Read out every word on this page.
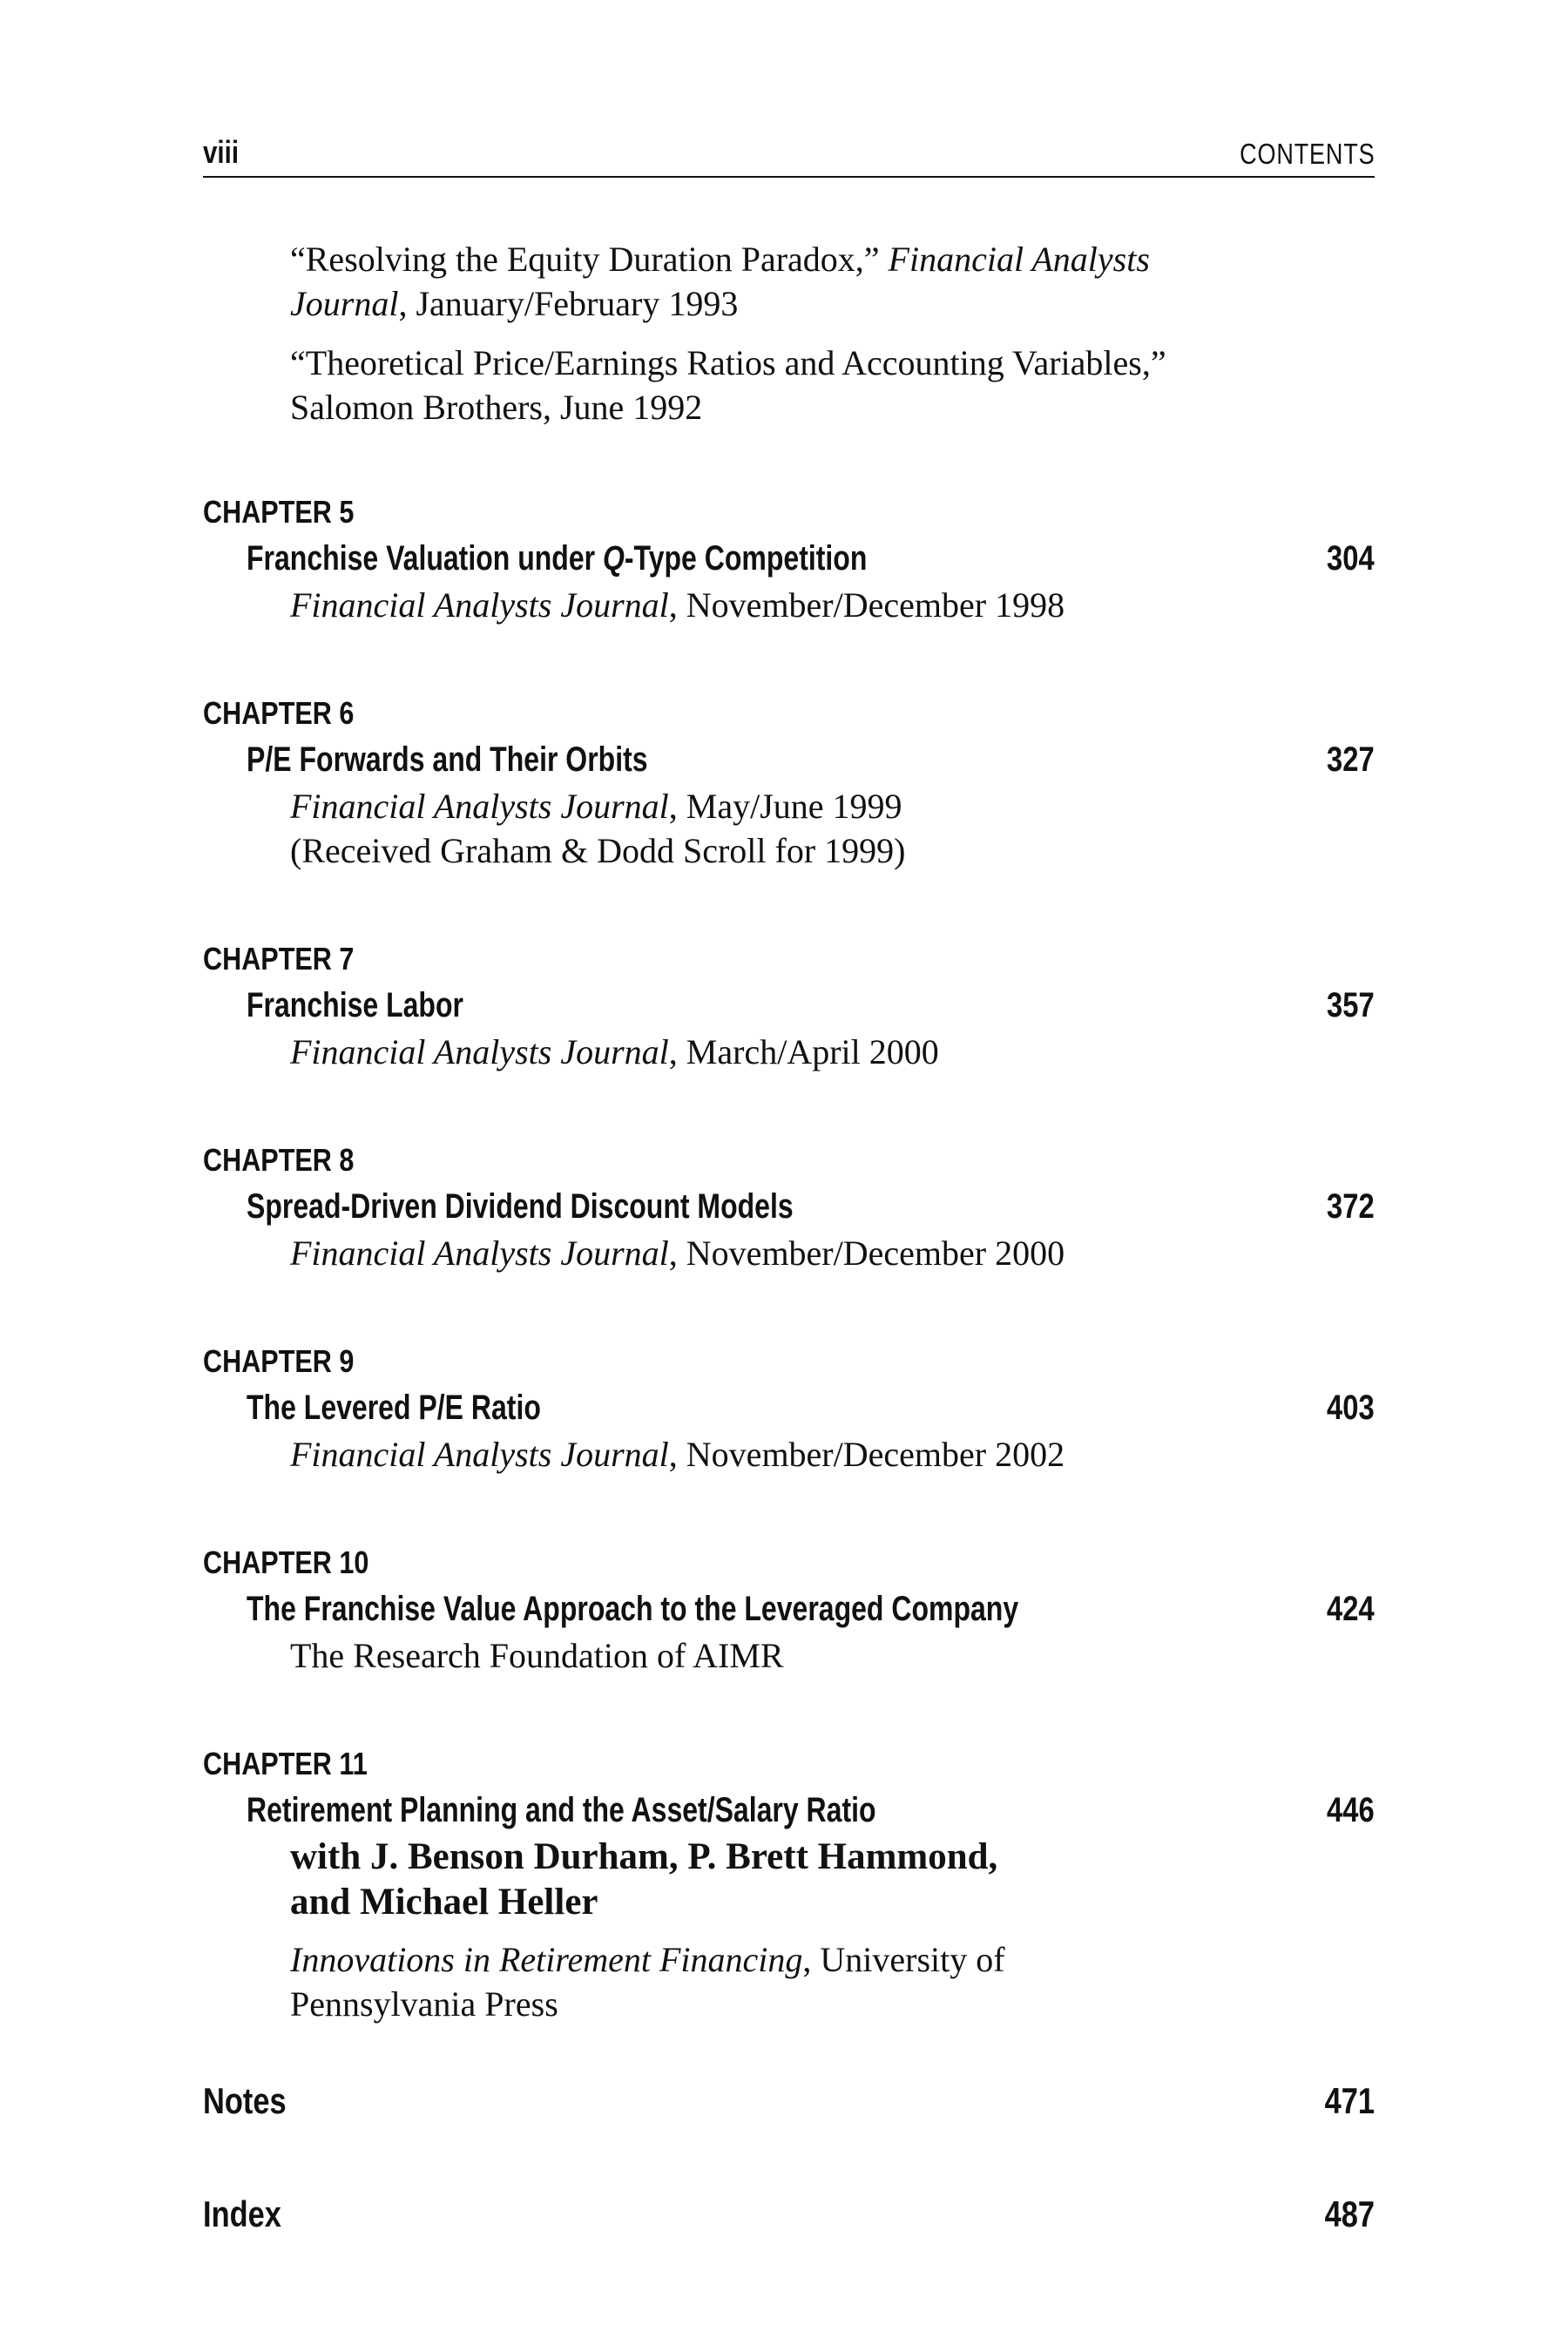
viii	CONTENTS
“Resolving the Equity Duration Paradox,” Financial Analysts Journal, January/February 1993
“Theoretical Price/Earnings Ratios and Accounting Variables,” Salomon Brothers, June 1992
CHAPTER 5
Franchise Valuation under Q-Type Competition	304
Financial Analysts Journal, November/December 1998
CHAPTER 6
P/E Forwards and Their Orbits	327
Financial Analysts Journal, May/June 1999
(Received Graham & Dodd Scroll for 1999)
CHAPTER 7
Franchise Labor	357
Financial Analysts Journal, March/April 2000
CHAPTER 8
Spread-Driven Dividend Discount Models	372
Financial Analysts Journal, November/December 2000
CHAPTER 9
The Levered P/E Ratio	403
Financial Analysts Journal, November/December 2002
CHAPTER 10
The Franchise Value Approach to the Leveraged Company	424
The Research Foundation of AIMR
CHAPTER 11
Retirement Planning and the Asset/Salary Ratio	446
with J. Benson Durham, P. Brett Hammond,
and Michael Heller
Innovations in Retirement Financing, University of Pennsylvania Press
Notes	471
Index	487
